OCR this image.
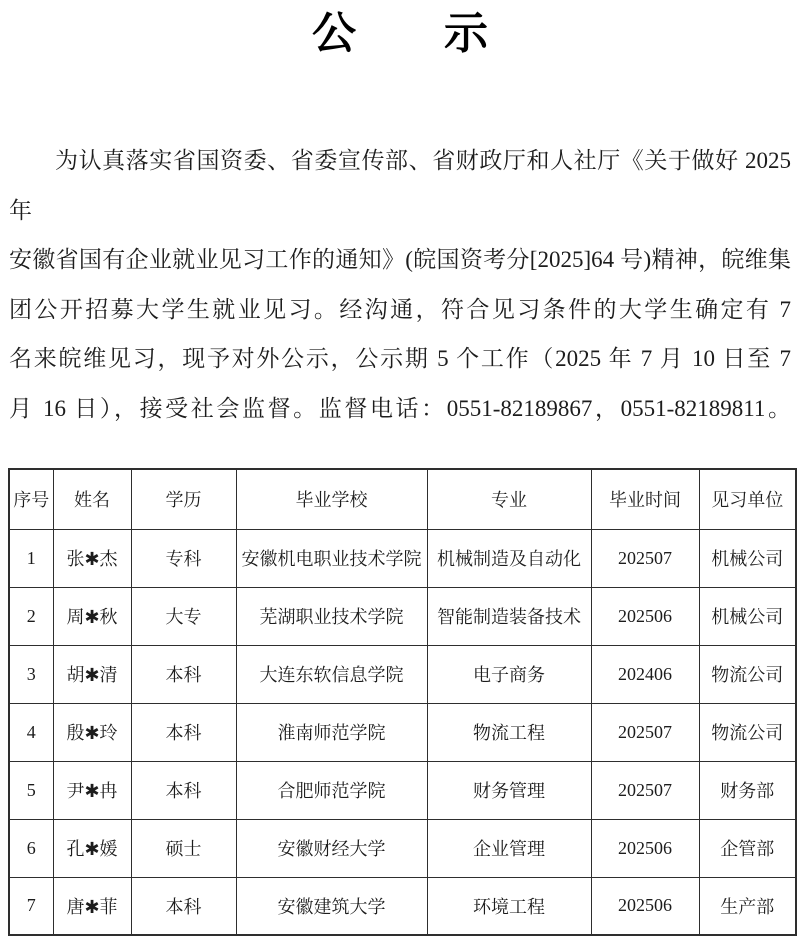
公　　示
为认真落实省国资委、省委宣传部、省财政厅和人社厅《关于做好 2025 年
安徽省国有企业就业见习工作的通知》(皖国资考分[2025]64 号)精神，皖维集
团公开招募大学生就业见习。经沟通，符合见习条件的大学生确定有 7
名来皖维见习，现予对外公示，公示期 5 个工作（2025 年 7 月 10 日至 7
月 16 日），接受社会监督。监督电话：0551-82189867，0551-82189811。
序号	姓名	学历	毕业学校	专业	毕业时间	见习单位
1	张✱杰	专科	安徽机电职业技术学院	机械制造及自动化	202507	机械公司
2	周✱秋	大专	芜湖职业技术学院	智能制造装备技术	202506	机械公司
3	胡✱清	本科	大连东软信息学院	电子商务	202406	物流公司
4	殷✱玲	本科	淮南师范学院	物流工程	202507	物流公司
5	尹✱冉	本科	合肥师范学院	财务管理	202507	财务部
6	孔✱媛	硕士	安徽财经大学	企业管理	202506	企管部
7	唐✱菲	本科	安徽建筑大学	环境工程	202506	生产部
